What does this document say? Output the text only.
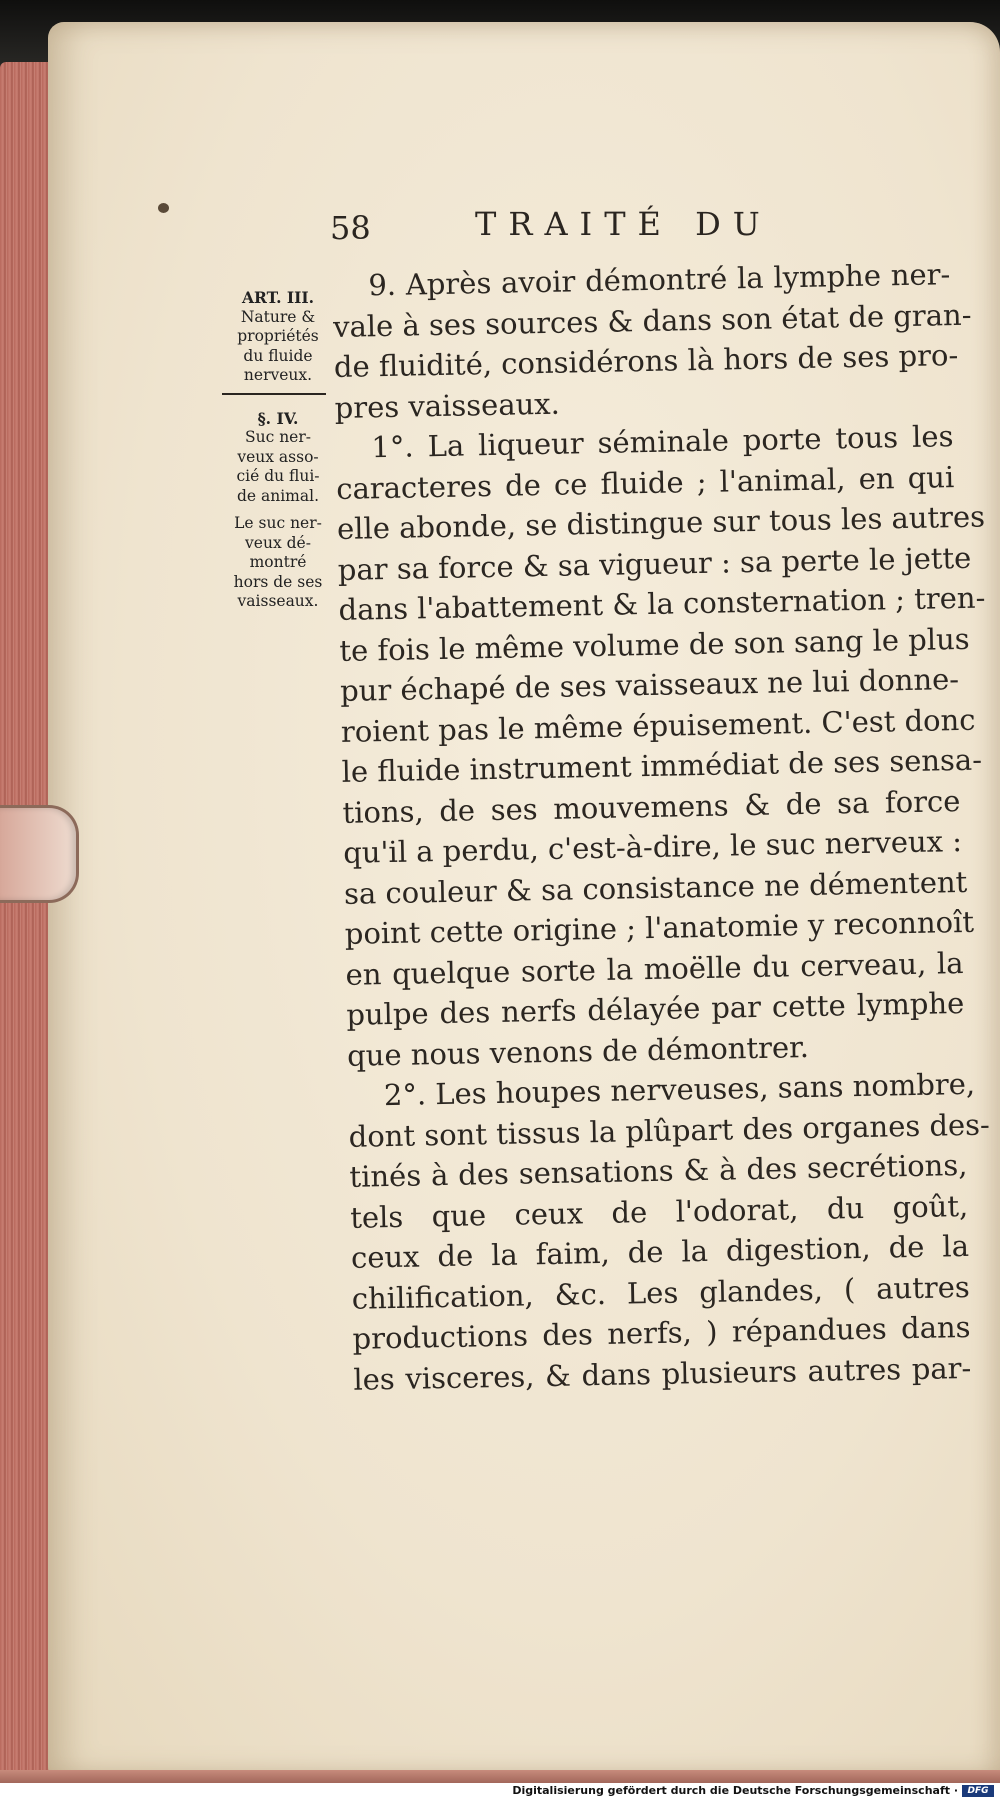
58	TRAITÉ DU
ART. III.
Nature &
propriétés
du fluide
nerveux.
§. IV.
Suc ner-
veux asso-
cié du flui-
de animal.
Le suc ner-
veux dé-
montré
hors de ses
vaisseaux.
9. Après avoir démontré la lymphe ner-
vale à ses sources & dans son état de gran-
de fluidité, considérons là hors de ses pro-
pres vaisseaux.
1°. La liqueur séminale porte tous les
caracteres de ce fluide ; l'animal, en qui
elle abonde, se distingue sur tous les autres
par sa force & sa vigueur : sa perte le jette
dans l'abattement & la consternation ; tren-
te fois le même volume de son sang le plus
pur échapé de ses vaisseaux ne lui donne-
roient pas le même épuisement. C'est donc
le fluide instrument immédiat de ses sensa-
tions, de ses mouvemens & de sa force
qu'il a perdu, c'est-à-dire, le suc nerveux :
sa couleur & sa consistance ne démentent
point cette origine ; l'anatomie y reconnoît
en quelque sorte la moëlle du cerveau, la
pulpe des nerfs délayée par cette lymphe
que nous venons de démontrer.
2°. Les houpes nerveuses, sans nombre,
dont sont tissus la plûpart des organes des-
tinés à des sensations & à des secrétions,
tels que ceux de l'odorat, du goût,
ceux de la faim, de la digestion, de la
chilification, &c. Les glandes, ( autres
productions des nerfs, ) répandues dans
les visceres, & dans plusieurs autres par-
Digitalisierung gefördert durch die Deutsche Forschungsgemeinschaft ·	DFG
